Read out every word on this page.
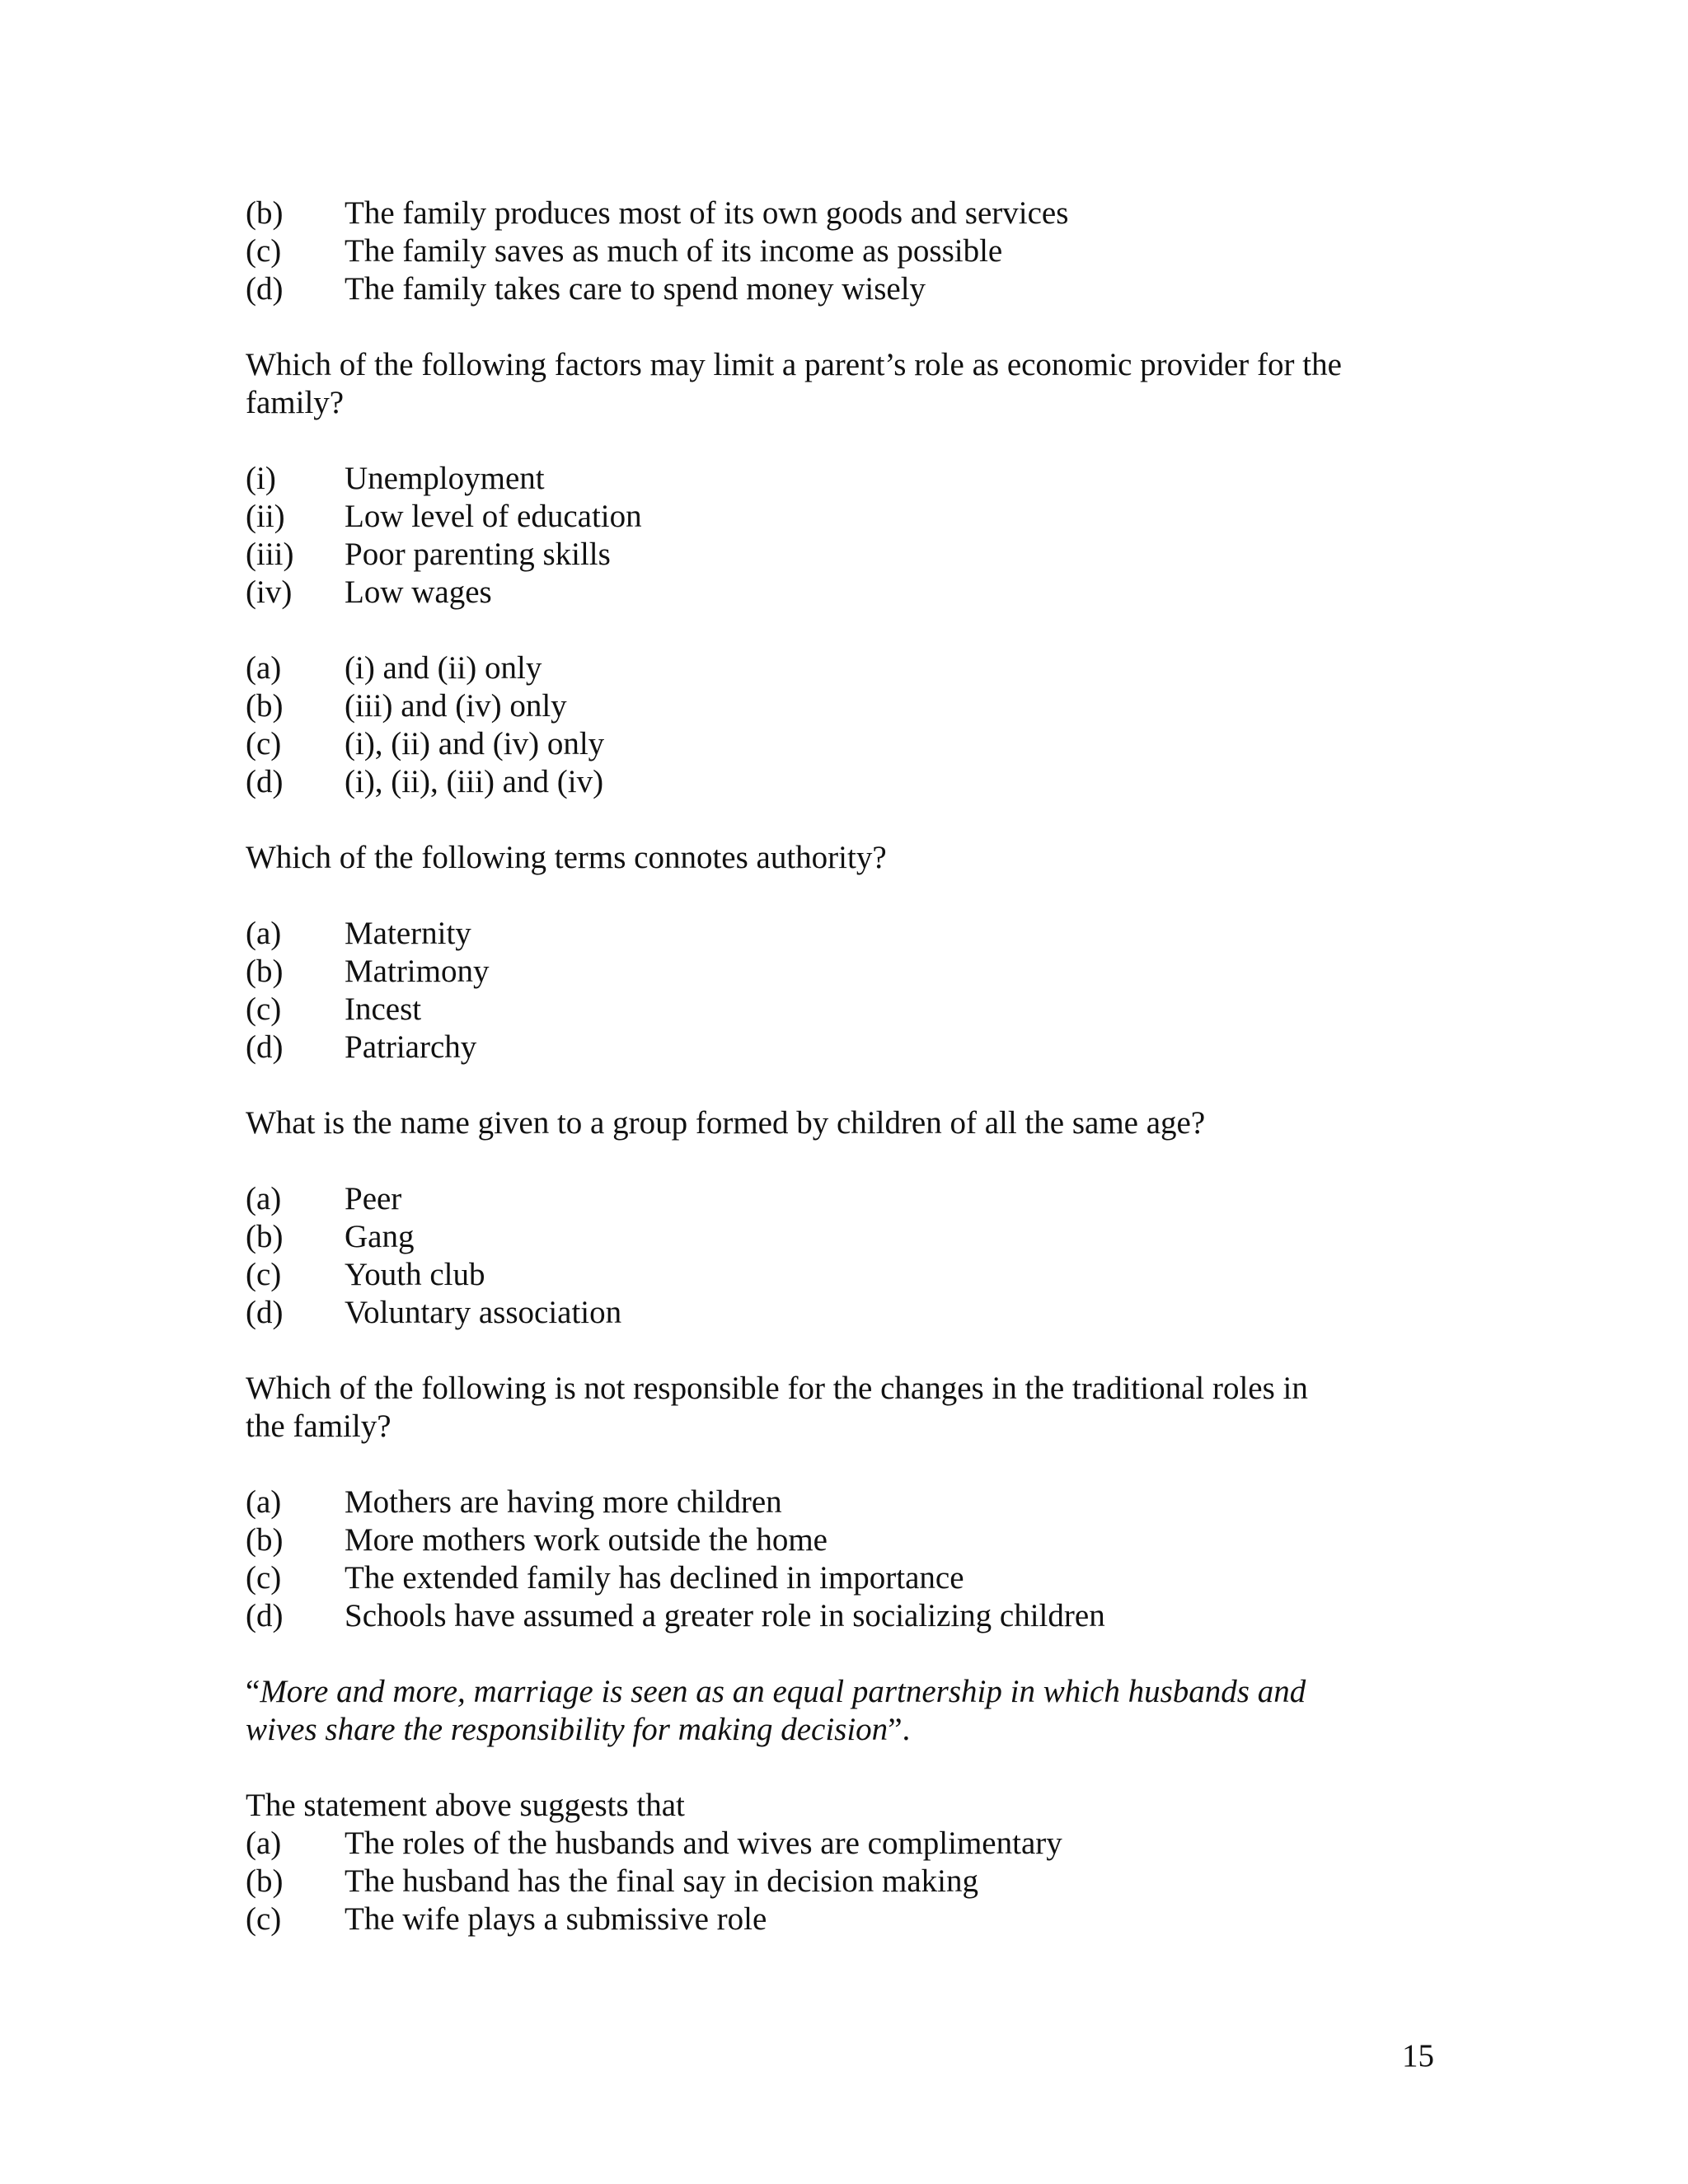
(b)	The family produces most of its own goods and services
(c)	The family saves as much of its income as possible
(d)	The family takes care to spend money wisely
Which of the following factors may limit a parent’s role as economic provider for the
family?
(i)	Unemployment
(ii)	Low level of education
(iii)	Poor parenting skills
(iv)	Low wages
(a)	(i) and (ii) only
(b)	(iii) and (iv) only
(c)	(i), (ii) and (iv) only
(d)	(i), (ii), (iii) and (iv)
Which of the following terms connotes authority?
(a)	Maternity
(b)	Matrimony
(c)	Incest
(d)	Patriarchy
What is the name given to a group formed by children of all the same age?
(a)	Peer
(b)	Gang
(c)	Youth club
(d)	Voluntary association
Which of the following is not responsible for the changes in the traditional roles in
the family?
(a)	Mothers are having more children
(b)	More mothers work outside the home
(c)	The extended family has declined in importance
(d)	Schools have assumed a greater role in socializing children
“More and more, marriage is seen as an equal partnership in which husbands and
wives share the responsibility for making decision”.
The statement above suggests that
(a)	The roles of the husbands and wives are complimentary
(b)	The husband has the final say in decision making
(c)	The wife plays a submissive role
15
